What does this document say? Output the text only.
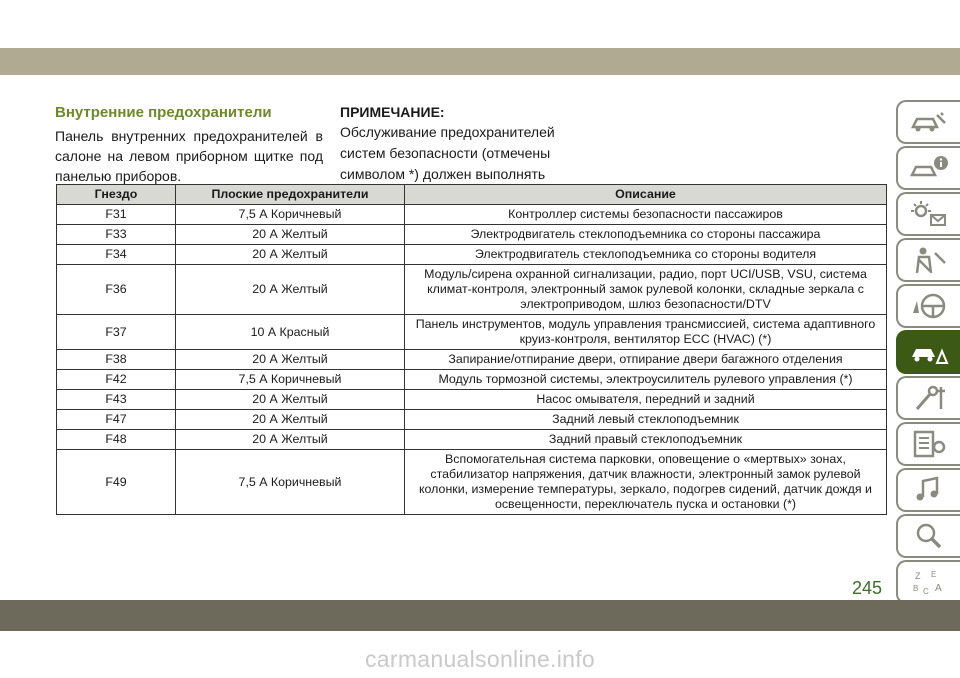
Внутренние предохранители
Панель внутренних предохранителей в салоне на левом приборном щитке под панелью приборов.
ПРИМЕЧАНИЕ:
Обслуживание предохранителей систем безопасности (отмечены символом *) должен выполнять
Гнездо	Плоские предохранители	Описание
F31	7,5 А Коричневый	Контроллер системы безопасности пассажиров
F33	20 А Желтый	Электродвигатель стеклоподъемника со стороны пассажира
F34	20 А Желтый	Электродвигатель стеклоподъемника со стороны водителя
F36	20 А Желтый	Модуль/сирена охранной сигнализации, радио, порт UCI/USB, VSU, система климат-контроля, электронный замок рулевой колонки, складные зеркала с электроприводом, шлюз безопасности/DTV
F37	10 А Красный	Панель инструментов, модуль управления трансмиссией, система адаптивного круиз-контроля, вентилятор ECC (HVAC) (*)
F38	20 А Желтый	Запирание/отпирание двери, отпирание двери багажного отделения
F42	7,5 А Коричневый	Модуль тормозной системы, электроусилитель рулевого управления (*)
F43	20 А Желтый	Насос омывателя, передний и задний
F47	20 А Желтый	Задний левый стеклоподъемник
F48	20 А Желтый	Задний правый стеклоподъемник
F49	7,5 А Коричневый	Вспомогательная система парковки, оповещение о «мертвых» зонах, стабилизатор напряжения, датчик влажности, электронный замок рулевой колонки, измерение температуры, зеркало, подогрев сидений, датчик дождя и освещенности, переключатель пуска и остановки (*)
Z E
B C A
245
carmanualsonline.info
